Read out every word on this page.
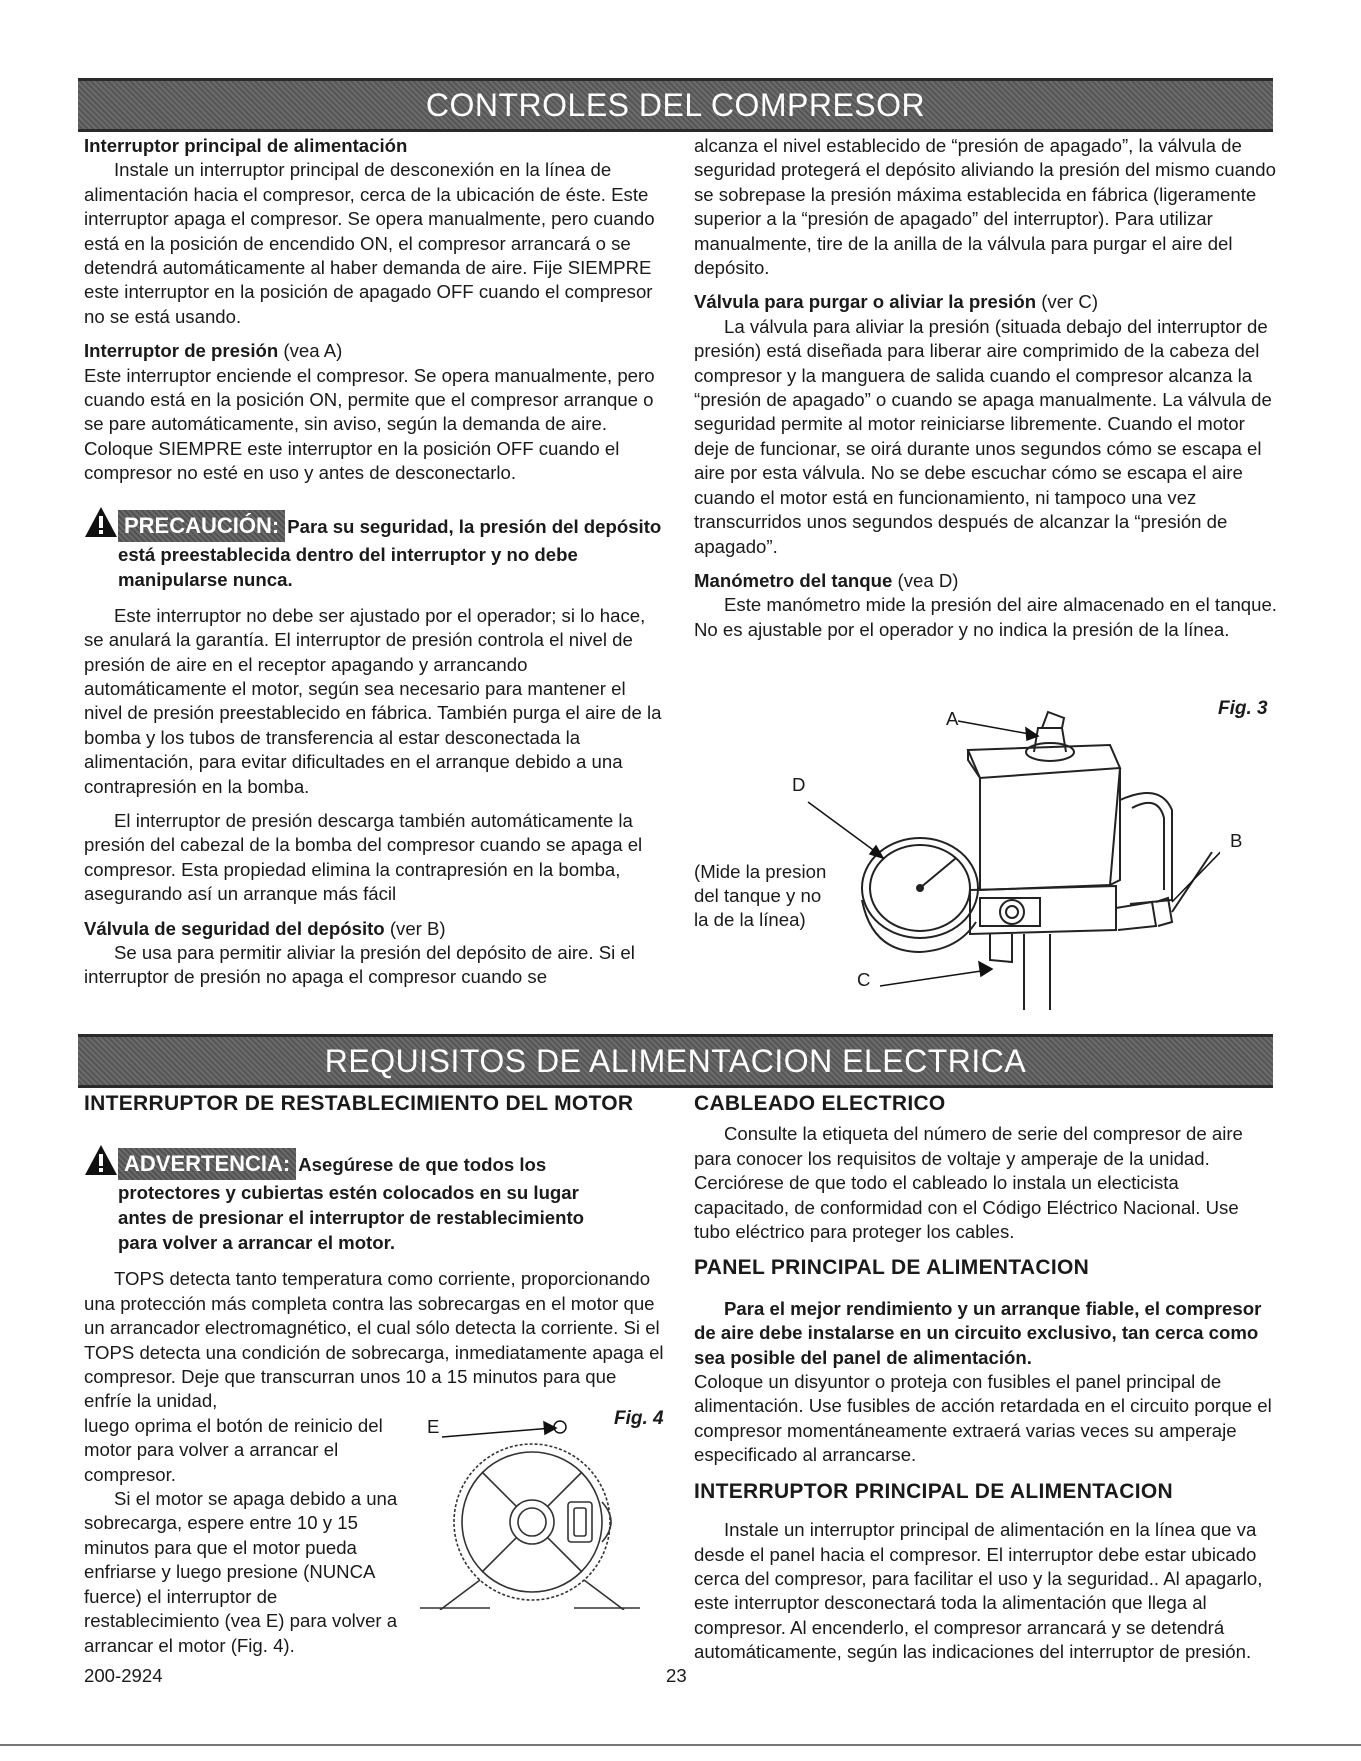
CONTROLES DEL COMPRESOR
Interruptor principal de alimentación

Instale un interruptor principal de desconexión en la línea de alimentación hacia el compresor, cerca de la ubicación de éste. Este interruptor apaga el compresor. Se opera manualmente, pero cuando está en la posición de encendido ON, el compresor arrancará o se detendrá automáticamente al haber demanda de aire. Fije SIEMPRE este interruptor en la posición de apagado OFF cuando el compresor no se está usando.

Interruptor de presión (vea A)

Este interruptor enciende el compresor. Se opera manualmente, pero cuando está en la posición ON, permite que el compresor arranque o se pare automáticamente, sin aviso, según la demanda de aire. Coloque SIEMPRE este interruptor en la posición OFF cuando el compresor no esté en uso y antes de desconectarlo.

PRECAUCIÓN: Para su seguridad, la presión del depósito está preestablecida dentro del interruptor y no debe manipularse nunca.

Este interruptor no debe ser ajustado por el operador; si lo hace, se anulará la garantía. El interruptor de presión controla el nivel de presión de aire en el receptor apagando y arrancando automáticamente el motor, según sea necesario para mantener el nivel de presión preestablecido en fábrica. También purga el aire de la bomba y los tubos de transferencia al estar desconectada la alimentación, para evitar dificultades en el arranque debido a una contrapresión en la bomba.

El interruptor de presión descarga también automáticamente la presión del cabezal de la bomba del compresor cuando se apaga el compresor. Esta propiedad elimina la contrapresión en la bomba, asegurando así un arranque más fácil

Válvula de seguridad del depósito (ver B)

Se usa para permitir aliviar la presión del depósito de aire. Si el interruptor de presión no apaga el compresor cuando se

alcanza el nivel establecido de “presión de apagado”, la válvula de seguridad protegerá el depósito aliviando la presión del mismo cuando se sobrepase la presión máxima establecida en fábrica (ligeramente superior a la “presión de apagado” del interruptor). Para utilizar manualmente, tire de la anilla de la válvula para purgar el aire del depósito.

Válvula para purgar o aliviar la presión (ver C)

La válvula para aliviar la presión (situada debajo del interruptor de presión) está diseñada para liberar aire comprimido de la cabeza del compresor y la manguera de salida cuando el compresor alcanza la “presión de apagado” o cuando se apaga manualmente. La válvula de seguridad permite al motor reiniciarse libremente. Cuando el motor deje de funcionar, se oirá durante unos segundos cómo se escapa el aire por esta válvula. No se debe escuchar cómo se escapa el aire cuando el motor está en funcionamiento, ni tampoco una vez transcurridos unos segundos después de alcanzar la “presión de apagado”.

Manómetro del tanque (vea D)

Este manómetro mide la presión del aire almacenado en el tanque. No es ajustable por el operador y no indica la presión de la línea.

Fig. 3
A
D
B
C
(Mide la presion del tanque y no la de la línea)
REQUISITOS DE ALIMENTACION ELECTRICA
INTERRUPTOR DE RESTABLECIMIENTO DEL MOTOR
ADVERTENCIA: Asegúrese de que todos los protectores y cubiertas estén colocados en su lugar antes de presionar el interruptor de restablecimiento para volver a arrancar el motor.

TOPS detecta tanto temperatura como corriente, proporcionando una protección más completa contra las sobrecargas en el motor que un arrancador electromagnético, el cual sólo detecta la corriente. Si el TOPS detecta una condición de sobrecarga, inmediatamente apaga el compresor. Deje que transcurran unos 10 a 15 minutos para que enfríe la unidad,

luego oprima el botón de reinicio del motor para volver a arrancar el compresor.

Si el motor se apaga debido a una sobrecarga, espere entre 10 y 15 minutos para que el motor pueda enfriarse y luego presione (NUNCA fuerce) el interruptor de restablecimiento (vea E) para volver a arrancar el motor (Fig. 4).

Fig. 4
E
CABLEADO ELECTRICO

Consulte la etiqueta del número de serie del compresor de aire para conocer los requisitos de voltaje y amperaje de la unidad. Cerciórese de que todo el cableado lo instala un electicista capacitado, de conformidad con el Código Eléctrico Nacional. Use tubo eléctrico para proteger los cables.

PANEL PRINCIPAL DE ALIMENTACION

Para el mejor rendimiento y un arranque fiable, el compresor de aire debe instalarse en un circuito exclusivo, tan cerca como sea posible del panel de alimentación.

Coloque un disyuntor o proteja con fusibles el panel principal de alimentación. Use fusibles de acción retardada en el circuito porque el compresor momentáneamente extraerá varias veces su amperaje especificado al arrancarse.

INTERRUPTOR PRINCIPAL DE ALIMENTACION

Instale un interruptor principal de alimentación en la línea que va desde el panel hacia el compresor. El interruptor debe estar ubicado cerca del compresor, para facilitar el uso y la seguridad.. Al apagarlo, este interruptor desconectará toda la alimentación que llega al compresor. Al encenderlo, el compresor arrancará y se detendrá automáticamente, según las indicaciones del interruptor de presión.

200-2924	23
